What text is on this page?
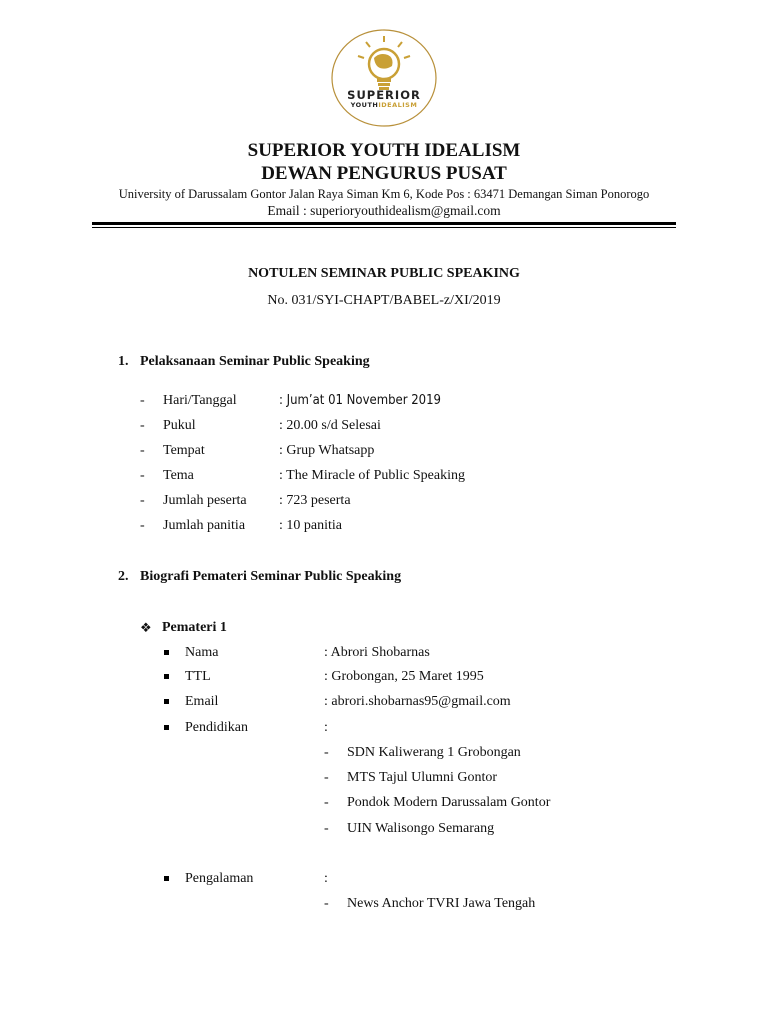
SUPERIOR
YOUTHIDEALISM
SUPERIOR YOUTH IDEALISM
DEWAN PENGURUS PUSAT
University of Darussalam Gontor Jalan Raya Siman Km 6, Kode Pos : 63471 Demangan Siman Ponorogo
Email : superioryouthidealism@gmail.com
NOTULEN SEMINAR PUBLIC SPEAKING
No. 031/SYI-CHAPT/BABEL-z/XI/2019
1. Pelaksanaan Seminar Public Speaking
- Hari/Tanggal	: Jum’at 01 November 2019
- Pukul	: 20.00 s/d Selesai
- Tempat	: Grup Whatsapp
- Tema	: The Miracle of Public Speaking
- Jumlah peserta : 723 peserta
- Jumlah panitia : 10 panitia
2. Biografi Pemateri Seminar Public Speaking
❖ Pemateri 1
Nama	: Abrori Shobarnas
TTL	: Grobongan, 25 Maret 1995
Email	: abrori.shobarnas95@gmail.com
Pendidikan	:
- SDN Kaliwerang 1 Grobongan
- MTS Tajul Ulumni Gontor
- Pondok Modern Darussalam Gontor
- UIN Walisongo Semarang
Pengalaman	:
- News Anchor TVRI Jawa Tengah
